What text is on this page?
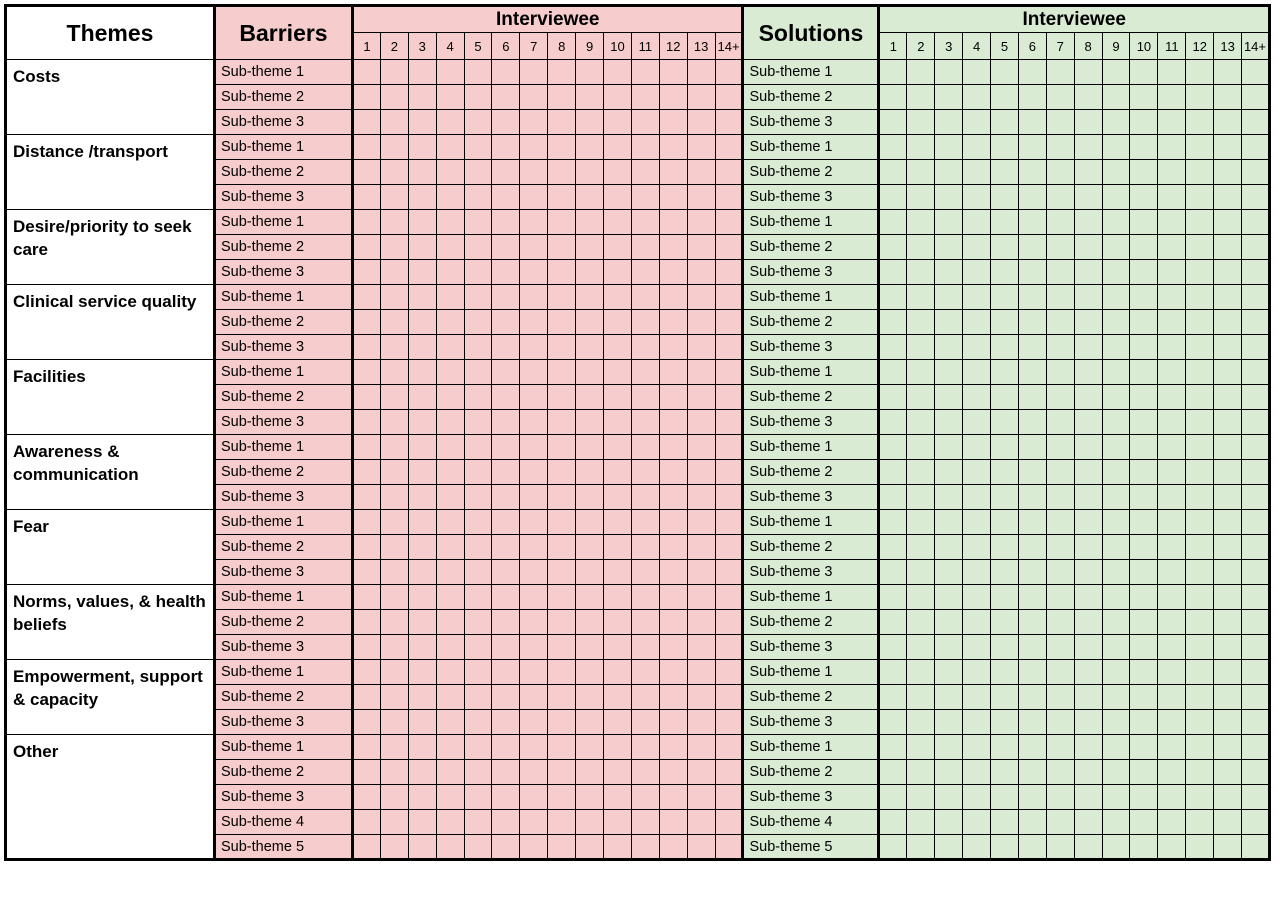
Themes	Barriers	Interviewee														Solutions	Interviewee													
		1	2	3	4	5	6	7	8	9	10	11	12	13	14+		1	2	3	4	5	6	7	8	9	10	11	12	13	14+
Costs	Sub-theme 1															Sub-theme 1														
	Sub-theme 2															Sub-theme 2														
	Sub-theme 3															Sub-theme 3														
Distance /transport	Sub-theme 1															Sub-theme 1														
	Sub-theme 2															Sub-theme 2														
	Sub-theme 3															Sub-theme 3														
Desire/priority to seek care	Sub-theme 1															Sub-theme 1														
	Sub-theme 2															Sub-theme 2														
	Sub-theme 3															Sub-theme 3														
Clinical service quality	Sub-theme 1															Sub-theme 1														
	Sub-theme 2															Sub-theme 2														
	Sub-theme 3															Sub-theme 3														
Facilities	Sub-theme 1															Sub-theme 1														
	Sub-theme 2															Sub-theme 2														
	Sub-theme 3															Sub-theme 3														
Awareness & communication	Sub-theme 1															Sub-theme 1														
	Sub-theme 2															Sub-theme 2														
	Sub-theme 3															Sub-theme 3														
Fear	Sub-theme 1															Sub-theme 1														
	Sub-theme 2															Sub-theme 2														
	Sub-theme 3															Sub-theme 3														
Norms, values, & health beliefs	Sub-theme 1															Sub-theme 1														
	Sub-theme 2															Sub-theme 2														
	Sub-theme 3															Sub-theme 3														
Empowerment, support & capacity	Sub-theme 1															Sub-theme 1														
	Sub-theme 2															Sub-theme 2														
	Sub-theme 3															Sub-theme 3														
Other	Sub-theme 1															Sub-theme 1														
	Sub-theme 2															Sub-theme 2														
	Sub-theme 3															Sub-theme 3														
	Sub-theme 4															Sub-theme 4														
	Sub-theme 5															Sub-theme 5														
